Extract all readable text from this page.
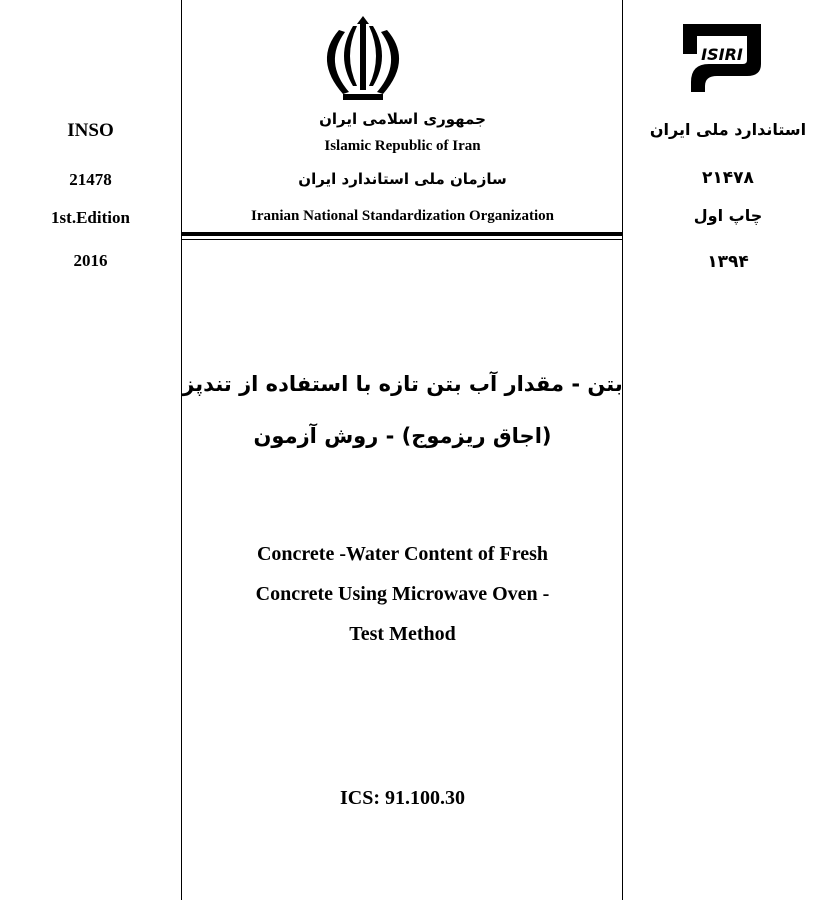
INSO
21478
1st.Edition
2016
ISIRI
استاندارد ملی ایران
۲۱۴۷۸
چاپ اول
۱۳۹۴
جمهوری اسلامی ایران
Islamic Republic of Iran
سازمان ملی استاندارد ایران
Iranian National Standardization Organization
بتن - مقدار آب بتن تازه با استفاده از تندپز
(اجاق ریزموج) - روش آزمون
Concrete -Water Content of Fresh
Concrete Using Microwave Oven -
Test Method
ICS: 91.100.30
